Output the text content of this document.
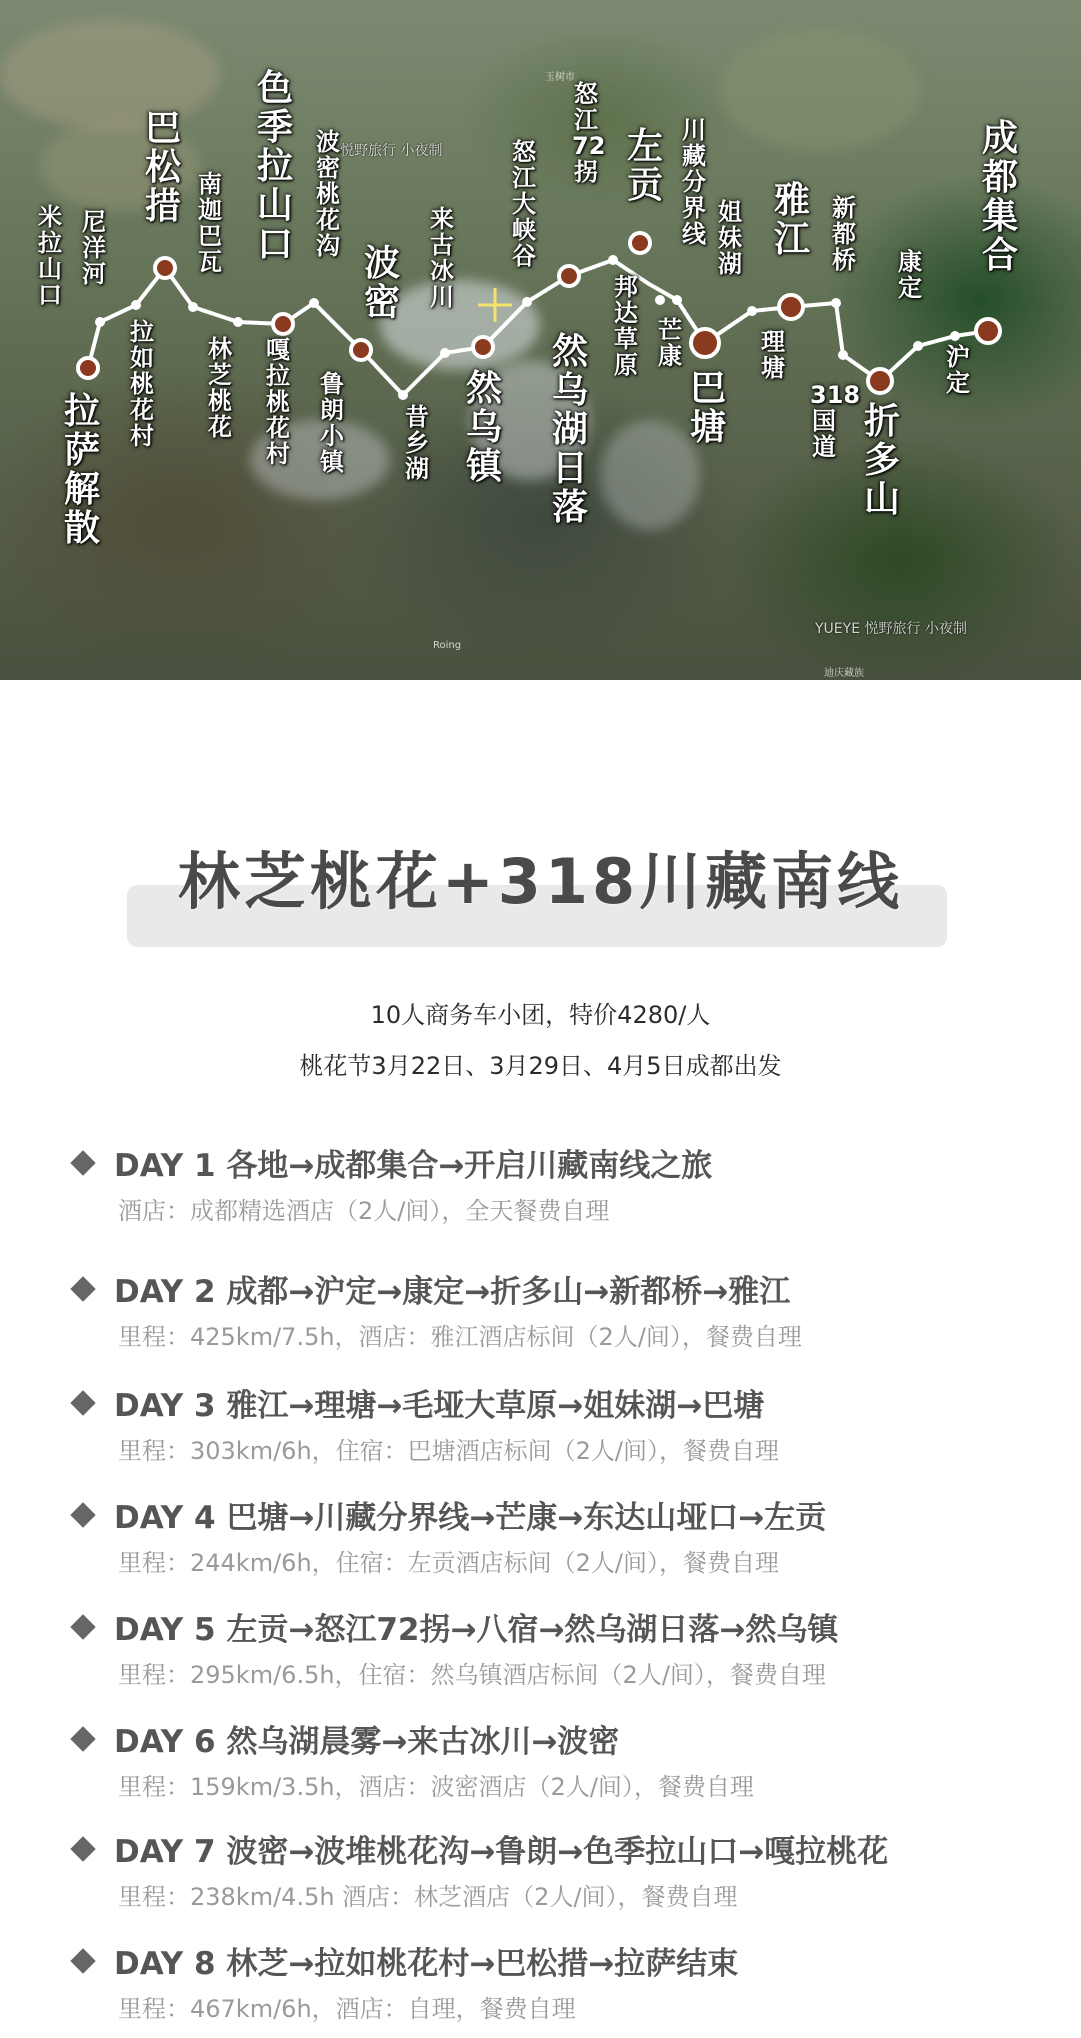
拉萨解散
米拉山口
尼洋河
拉如桃花村
巴松措
南迦巴瓦
林芝桃花
色季拉山口
嘎拉桃花村
波密桃花沟
鲁朗小镇
波密
昔乡湖
来古冰川
然乌镇
怒江大峡谷
然乌湖日落
怒江72拐
邦达草原
左贡
川藏分界线
芒康
巴塘
姐妹湖
雅江
理塘
新都桥
318国道
折多山
康定
沪定
成都集合
悦野旅行 小夜制
YUEYE 悦野旅行 小夜制
玉树市
Roing
迪庆藏族
林芝桃花+318川藏南线
10人商务车小团，特价4280/人
桃花节3月22日、3月29日、4月5日成都出发
DAY 1 各地→成都集合→开启川藏南线之旅
酒店：成都精选酒店（2人/间），全天餐费自理
DAY 2 成都→沪定→康定→折多山→新都桥→雅江
里程：425km/7.5h，酒店：雅江酒店标间（2人/间），餐费自理
DAY 3 雅江→理塘→毛垭大草原→姐妹湖→巴塘
里程：303km/6h，住宿：巴塘酒店标间（2人/间），餐费自理
DAY 4 巴塘→川藏分界线→芒康→东达山垭口→左贡
里程：244km/6h，住宿：左贡酒店标间（2人/间），餐费自理
DAY 5 左贡→怒江72拐→八宿→然乌湖日落→然乌镇
里程：295km/6.5h，住宿：然乌镇酒店标间（2人/间），餐费自理
DAY 6 然乌湖晨雾→来古冰川→波密
里程：159km/3.5h，酒店：波密酒店（2人/间），餐费自理
DAY 7 波密→波堆桃花沟→鲁朗→色季拉山口→嘎拉桃花
里程：238km/4.5h 酒店：林芝酒店（2人/间），餐费自理
DAY 8 林芝→拉如桃花村→巴松措→拉萨结束
里程：467km/6h，酒店：自理，餐费自理
